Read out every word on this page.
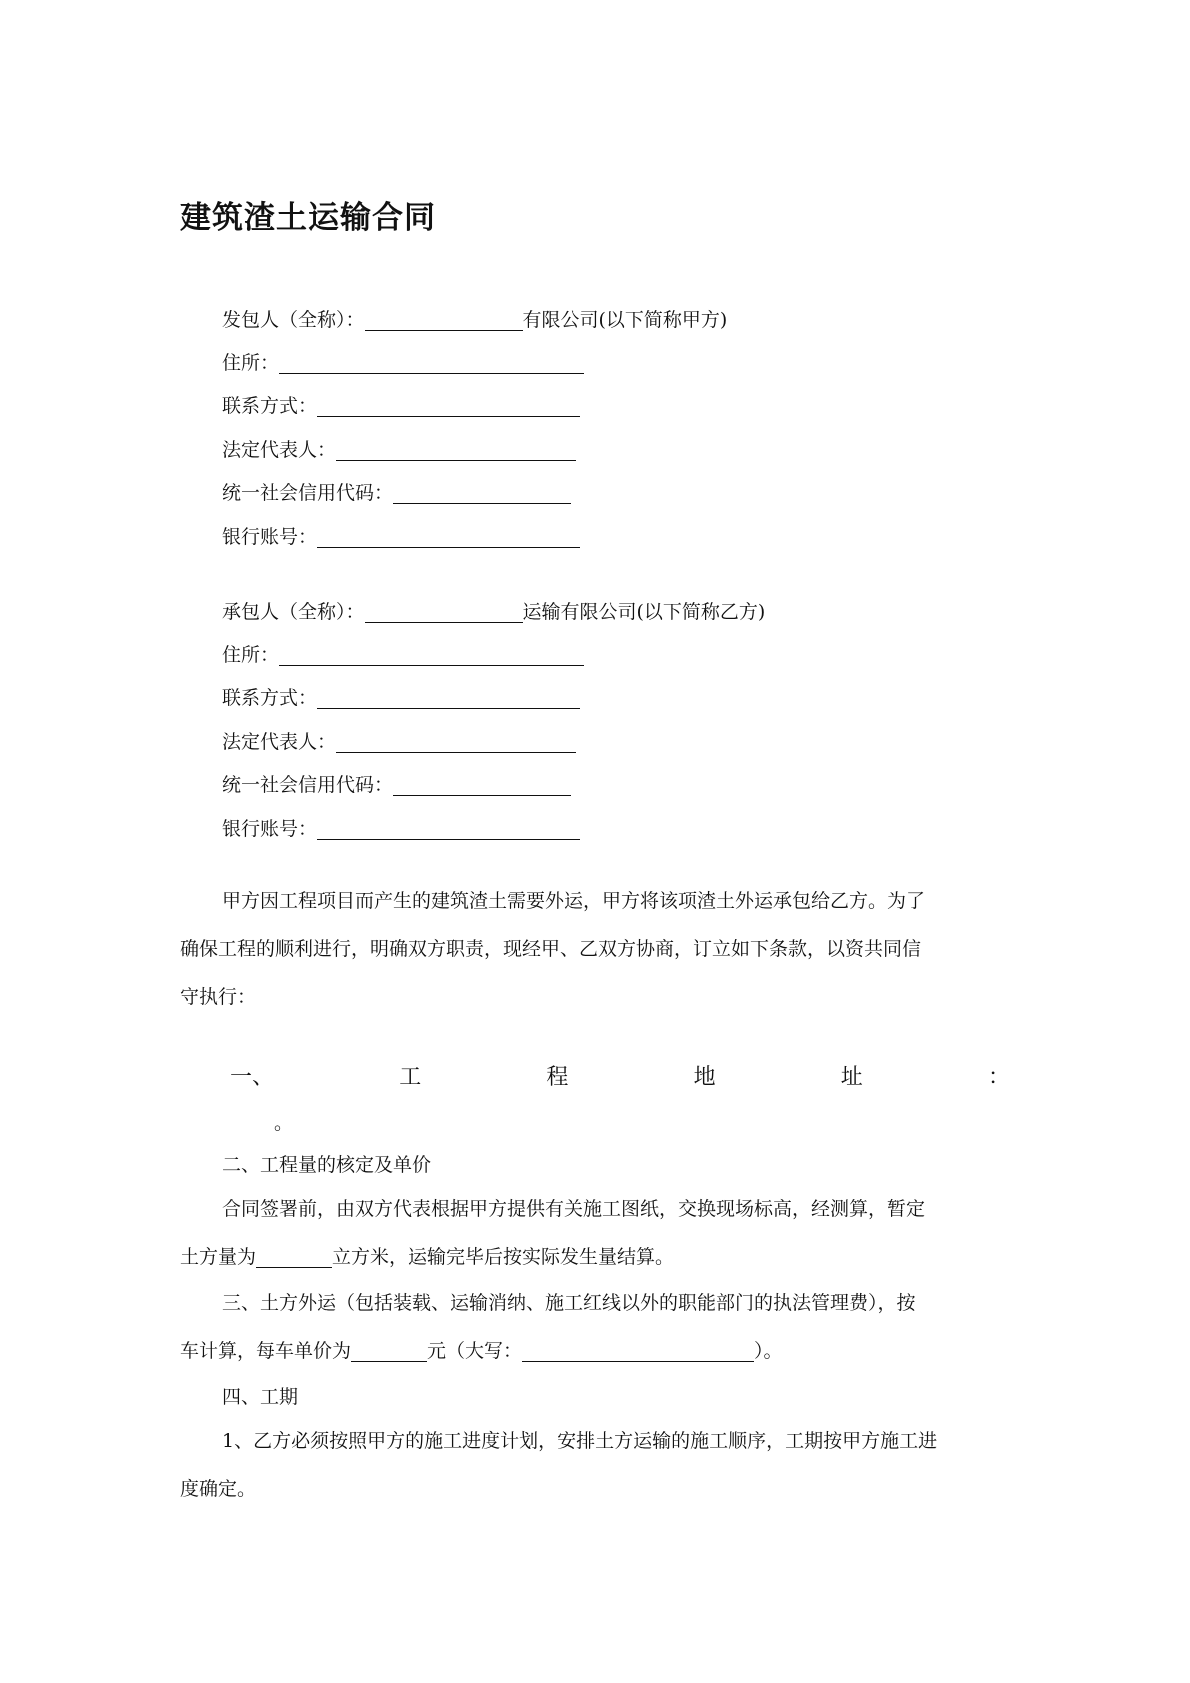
建筑渣土运输合同
发包人（全称）：	有限公司(以下简称甲方)
住所：
联系方式：
法定代表人：
统一社会信用代码：
银行账号：
承包人（全称）：	运输有限公司(以下简称乙方)
住所：
联系方式：
法定代表人：
统一社会信用代码：
银行账号：
甲方因工程项目而产生的建筑渣土需要外运，甲方将该项渣土外运承包给乙方。为了
确保工程的顺利进行，明确双方职责，现经甲、乙双方协商，订立如下条款，以资共同信
守执行：
一、	工	程	地	址	：
。
二、工程量的核定及单价
合同签署前，由双方代表根据甲方提供有关施工图纸，交换现场标高，经测算，暂定
土方量为	立方米，运输完毕后按实际发生量结算。
三、土方外运（包括装载、运输消纳、施工红线以外的职能部门的执法管理费），按
车计算，每车单价为	元（大写：	）。
四、工期
1、乙方必须按照甲方的施工进度计划，安排土方运输的施工顺序，工期按甲方施工进
度确定。
